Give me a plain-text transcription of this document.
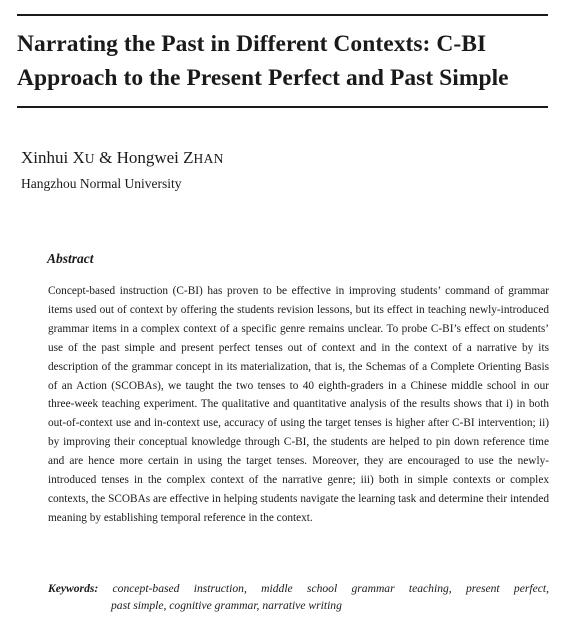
Narrating the Past in Different Contexts: C-BI
Approach to the Present Perfect and Past Simple
Xinhui XU & Hongwei ZHAN
Hangzhou Normal University
Abstract

Concept-based instruction (C-BI) has proven to be effective in improving students’ command of grammar items used out of context by offering the students revision lessons, but its effect in teaching newly-introduced grammar items in a complex context of a specific genre remains unclear. To probe C-BI’s effect on students’ use of the past simple and present perfect tenses out of context and in the context of a narrative by its description of the grammar concept in its materialization, that is, the Schemas of a Complete Orienting Basis of an Action (SCOBAs), we taught the two tenses to 40 eighth-graders in a Chinese middle school in our three-week teaching experiment. The qualitative and quantitative analysis of the results shows that i) in both out-of-context use and in-context use, accuracy of using the target tenses is higher after C-BI intervention; ii) by improving their conceptual knowledge through C-BI, the students are helped to pin down reference time and are hence more certain in using the target tenses. Moreover, they are encouraged to use the newly-introduced tenses in the complex context of the narrative genre; iii) both in simple contexts or complex contexts, the SCOBAs are effective in helping students navigate the learning task and determine their intended meaning by establishing temporal reference in the context.

Keywords: concept-based instruction, middle school grammar teaching, present perfect,
past simple, cognitive grammar, narrative writing
